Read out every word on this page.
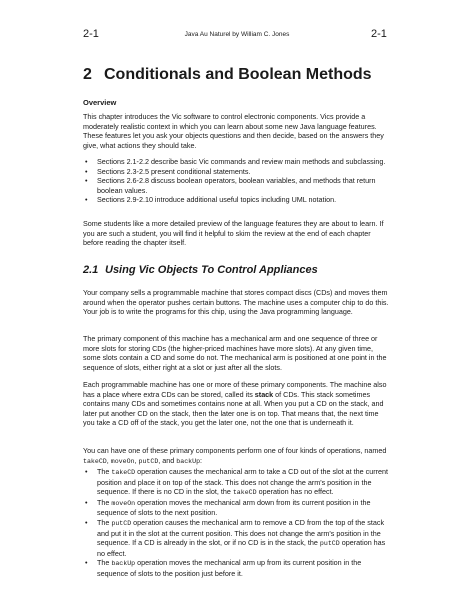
2-1	Java Au Naturel by William C. Jones	2-1
2 Conditionals and Boolean Methods
Overview

This chapter introduces the Vic software to control electronic components. Vics provide a moderately realistic context in which you can learn about some new Java language features. These features let you ask your objects questions and then decide, based on the answers they give, what actions they should take.

• Sections 2.1-2.2 describe basic Vic commands and review main methods and subclassing.
• Sections 2.3-2.5 present conditional statements.
• Sections 2.6-2.8 discuss boolean operators, boolean variables, and methods that return boolean values.
• Sections 2.9-2.10 introduce additional useful topics including UML notation.

Some students like a more detailed preview of the language features they are about to learn. If you are such a student, you will find it helpful to skim the review at the end of each chapter before reading the chapter itself.

2.1 Using Vic Objects To Control Appliances

Your company sells a programmable machine that stores compact discs (CDs) and moves them around when the operator pushes certain buttons. The machine uses a computer chip to do this. Your job is to write the programs for this chip, using the Java programming language.

The primary component of this machine has a mechanical arm and one sequence of three or more slots for storing CDs (the higher-priced machines have more slots). At any given time, some slots contain a CD and some do not. The mechanical arm is positioned at one point in the sequence of slots, either right at a slot or just after all the slots.

Each programmable machine has one or more of these primary components. The machine also has a place where extra CDs can be stored, called its stack of CDs. This stack sometimes contains many CDs and sometimes contains none at all. When you put a CD on the stack, and later put another CD on the stack, then the later one is on top. That means that, the next time you take a CD off of the stack, you get the later one, not the one that is underneath it.

You can have one of these primary components perform one of four kinds of operations, named takeCD, moveOn, putCD, and backUp:

• The takeCD operation causes the mechanical arm to take a CD out of the slot at the current position and place it on top of the stack. This does not change the arm's position in the sequence. If there is no CD in the slot, the takeCD operation has no effect.
• The moveOn operation moves the mechanical arm down from its current position in the sequence of slots to the next position.
• The putCD operation causes the mechanical arm to remove a CD from the top of the stack and put it in the slot at the current position. This does not change the arm's position in the sequence. If a CD is already in the slot, or if no CD is in the stack, the putCD operation has no effect.
• The backUp operation moves the mechanical arm up from its current position in the sequence of slots to the position just before it.
